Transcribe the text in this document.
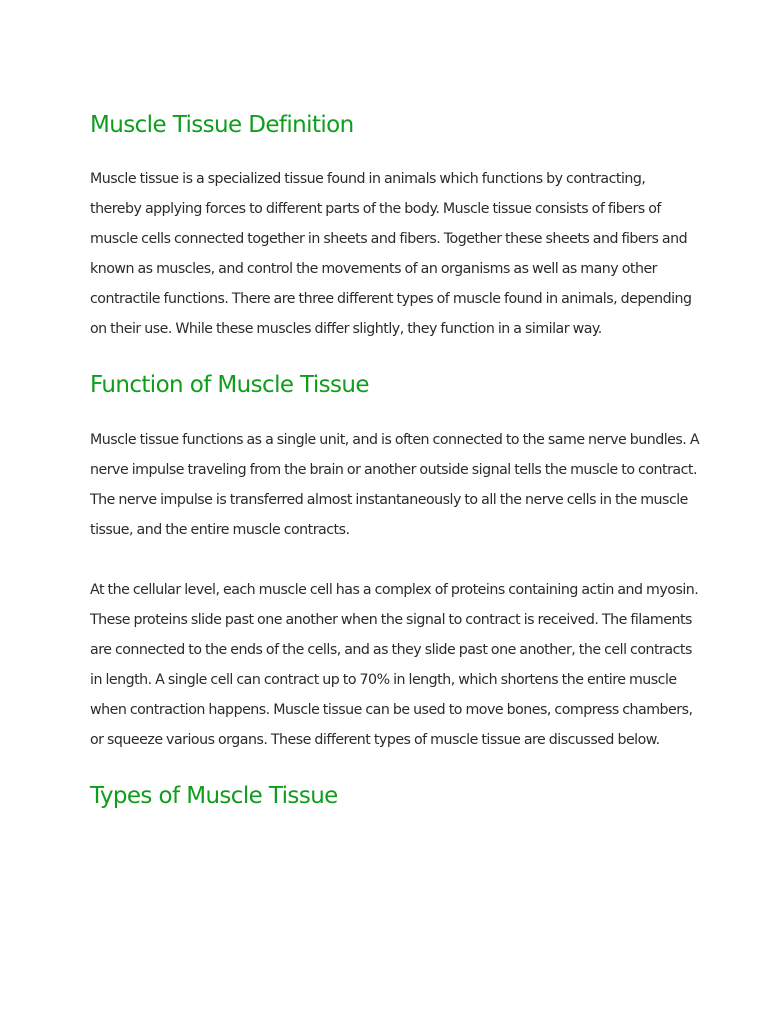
Muscle Tissue Definition

Muscle tissue is a specialized tissue found in animals which functions by contracting, thereby applying forces to different parts of the body. Muscle tissue consists of fibers of muscle cells connected together in sheets and fibers. Together these sheets and fibers and known as muscles, and control the movements of an organisms as well as many other contractile functions. There are three different types of muscle found in animals, depending on their use. While these muscles differ slightly, they function in a similar way.

Function of Muscle Tissue

Muscle tissue functions as a single unit, and is often connected to the same nerve bundles. A nerve impulse traveling from the brain or another outside signal tells the muscle to contract. The nerve impulse is transferred almost instantaneously to all the nerve cells in the muscle tissue, and the entire muscle contracts.

At the cellular level, each muscle cell has a complex of proteins containing actin and myosin. These proteins slide past one another when the signal to contract is received. The filaments are connected to the ends of the cells, and as they slide past one another, the cell contracts in length. A single cell can contract up to 70% in length, which shortens the entire muscle when contraction happens. Muscle tissue can be used to move bones, compress chambers, or squeeze various organs. These different types of muscle tissue are discussed below.

Types of Muscle Tissue
